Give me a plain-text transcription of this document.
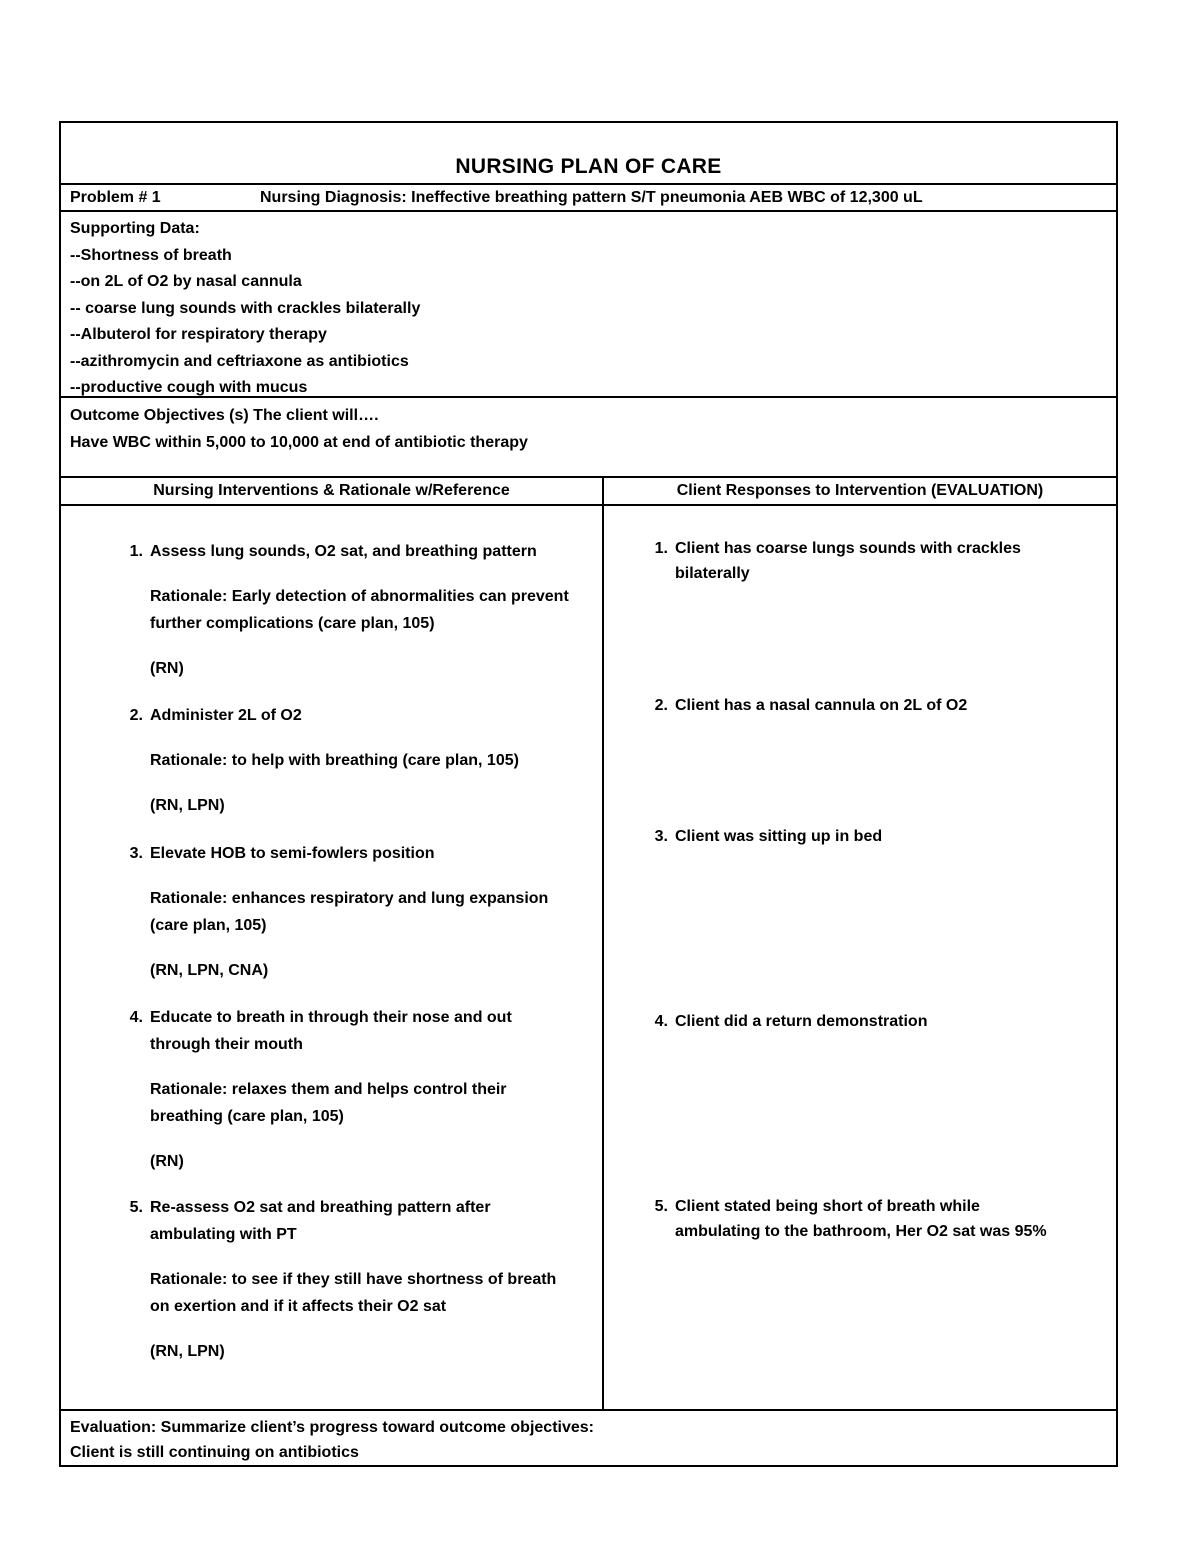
NURSING PLAN OF CARE
Problem # 1	Nursing Diagnosis: Ineffective breathing pattern S/T pneumonia AEB WBC of 12,300 uL
Supporting Data:
--Shortness of breath
--on 2L of O2 by nasal cannula
-- coarse lung sounds with crackles bilaterally
--Albuterol for respiratory therapy
--azithromycin and ceftriaxone as antibiotics
--productive cough with mucus
Outcome Objectives (s) The client will….
Have WBC within 5,000 to 10,000 at end of antibiotic therapy
Nursing Interventions & Rationale w/Reference	Client Responses to Intervention (EVALUATION)
1. Assess lung sounds, O2 sat, and breathing pattern

Rationale: Early detection of abnormalities can prevent further complications (care plan, 105)

(RN)

2. Administer 2L of O2

Rationale: to help with breathing (care plan, 105)

(RN, LPN)

3. Elevate HOB to semi-fowlers position

Rationale: enhances respiratory and lung expansion (care plan, 105)

(RN, LPN, CNA)

4. Educate to breath in through their nose and out through their mouth

Rationale: relaxes them and helps control their breathing (care plan, 105)

(RN)

5. Re-assess O2 sat and breathing pattern after ambulating with PT

Rationale: to see if they still have shortness of breath on exertion and if it affects their O2 sat

(RN, LPN)

1. Client has coarse lungs sounds with crackles bilaterally
2. Client has a nasal cannula on 2L of O2
3. Client was sitting up in bed
4. Client did a return demonstration
5. Client stated being short of breath while ambulating to the bathroom, Her O2 sat was 95%
Evaluation: Summarize client’s progress toward outcome objectives:
Client is still continuing on antibiotics
